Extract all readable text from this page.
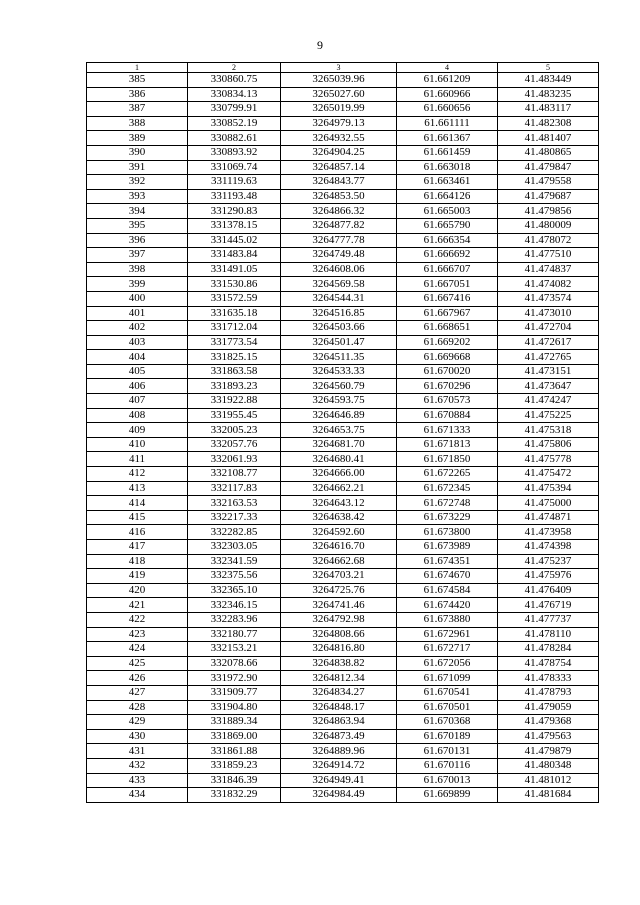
9
1	2	3	4	5
385	330860.75	3265039.96	61.661209	41.483449
386	330834.13	3265027.60	61.660966	41.483235
387	330799.91	3265019.99	61.660656	41.483117
388	330852.19	3264979.13	61.661111	41.482308
389	330882.61	3264932.55	61.661367	41.481407
390	330893.92	3264904.25	61.661459	41.480865
391	331069.74	3264857.14	61.663018	41.479847
392	331119.63	3264843.77	61.663461	41.479558
393	331193.48	3264853.50	61.664126	41.479687
394	331290.83	3264866.32	61.665003	41.479856
395	331378.15	3264877.82	61.665790	41.480009
396	331445.02	3264777.78	61.666354	41.478072
397	331483.84	3264749.48	61.666692	41.477510
398	331491.05	3264608.06	61.666707	41.474837
399	331530.86	3264569.58	61.667051	41.474082
400	331572.59	3264544.31	61.667416	41.473574
401	331635.18	3264516.85	61.667967	41.473010
402	331712.04	3264503.66	61.668651	41.472704
403	331773.54	3264501.47	61.669202	41.472617
404	331825.15	3264511.35	61.669668	41.472765
405	331863.58	3264533.33	61.670020	41.473151
406	331893.23	3264560.79	61.670296	41.473647
407	331922.88	3264593.75	61.670573	41.474247
408	331955.45	3264646.89	61.670884	41.475225
409	332005.23	3264653.75	61.671333	41.475318
410	332057.76	3264681.70	61.671813	41.475806
411	332061.93	3264680.41	61.671850	41.475778
412	332108.77	3264666.00	61.672265	41.475472
413	332117.83	3264662.21	61.672345	41.475394
414	332163.53	3264643.12	61.672748	41.475000
415	332217.33	3264638.42	61.673229	41.474871
416	332282.85	3264592.60	61.673800	41.473958
417	332303.05	3264616.70	61.673989	41.474398
418	332341.59	3264662.68	61.674351	41.475237
419	332375.56	3264703.21	61.674670	41.475976
420	332365.10	3264725.76	61.674584	41.476409
421	332346.15	3264741.46	61.674420	41.476719
422	332283.96	3264792.98	61.673880	41.477737
423	332180.77	3264808.66	61.672961	41.478110
424	332153.21	3264816.80	61.672717	41.478284
425	332078.66	3264838.82	61.672056	41.478754
426	331972.90	3264812.34	61.671099	41.478333
427	331909.77	3264834.27	61.670541	41.478793
428	331904.80	3264848.17	61.670501	41.479059
429	331889.34	3264863.94	61.670368	41.479368
430	331869.00	3264873.49	61.670189	41.479563
431	331861.88	3264889.96	61.670131	41.479879
432	331859.23	3264914.72	61.670116	41.480348
433	331846.39	3264949.41	61.670013	41.481012
434	331832.29	3264984.49	61.669899	41.481684
